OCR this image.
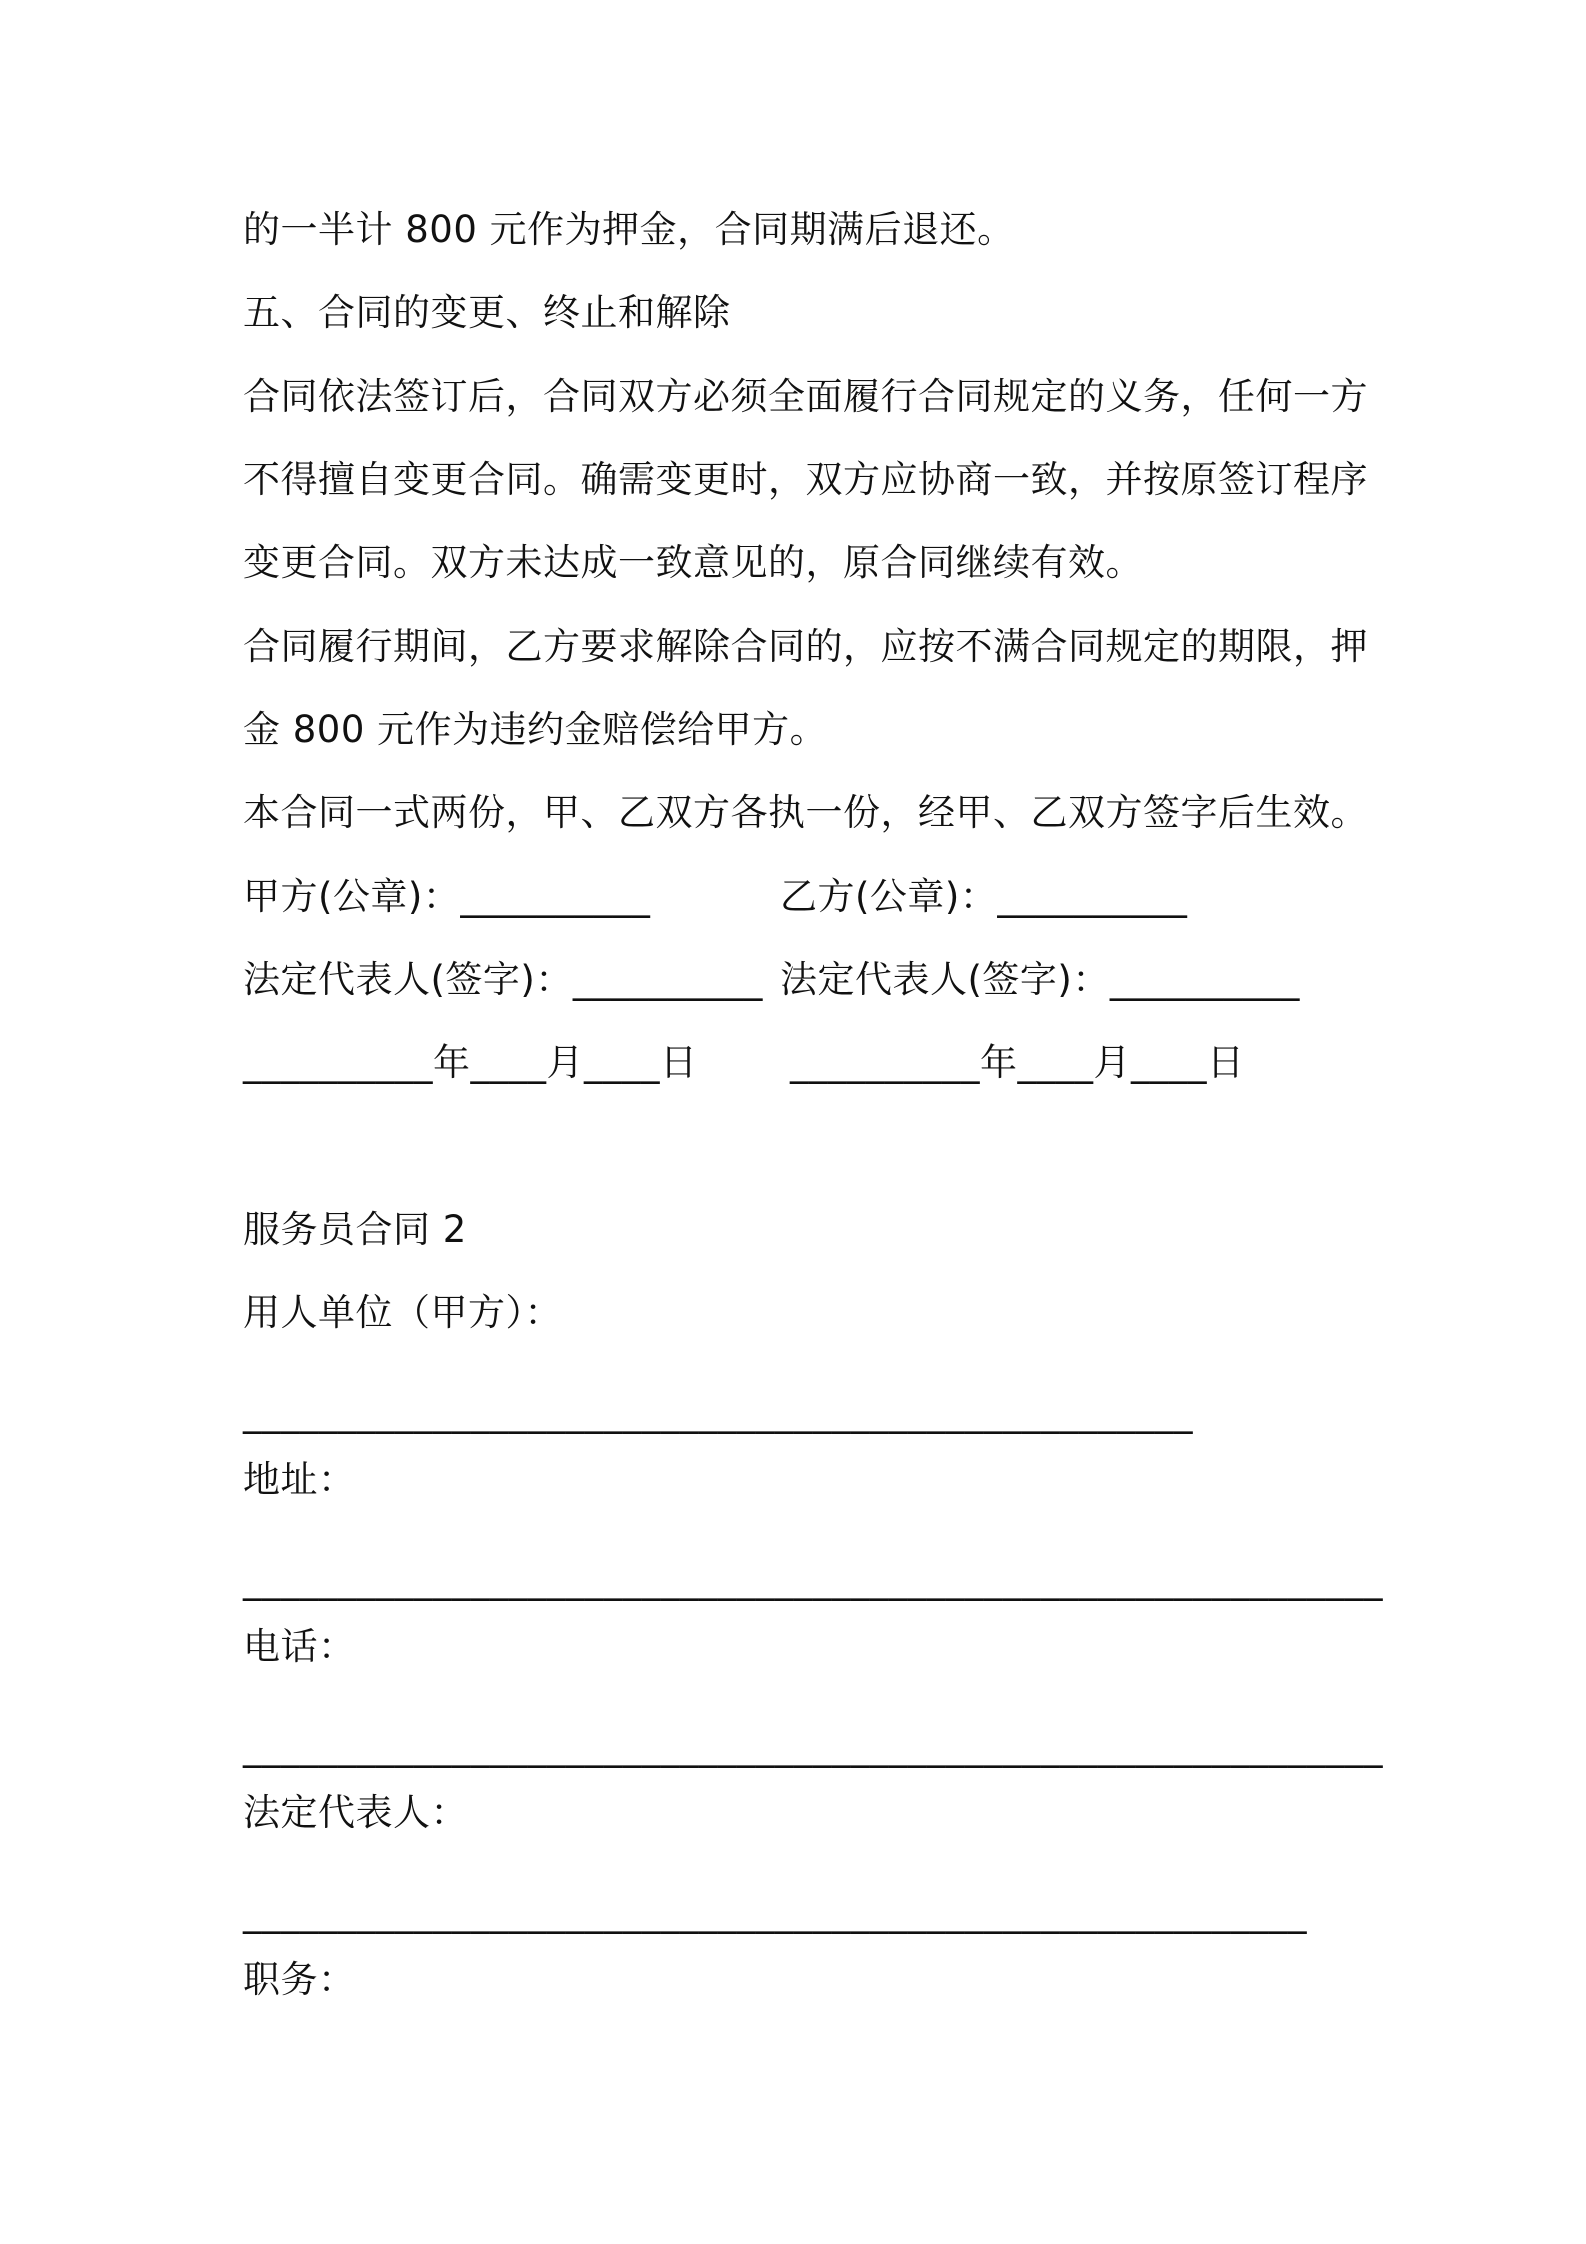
的一半计 800 元作为押金，合同期满后退还。
五、合同的变更、终止和解除
合同依法签订后，合同双方必须全面履行合同规定的义务，任何一方
不得擅自变更合同。确需变更时，双方应协商一致，并按原签订程序
变更合同。双方未达成一致意见的，原合同继续有效。
合同履行期间，乙方要求解除合同的，应按不满合同规定的期限，押
金 800 元作为违约金赔偿给甲方。
本合同一式两份，甲、乙双方各执一份，经甲、乙双方签字后生效。
甲方(公章)：__________	乙方(公章)：__________
法定代表人(签字)：__________ 法定代表人(签字)：__________
__________年____月____日	__________年____月____日
服务员合同 2
用人单位（甲方）：
__________________________________________________
地址：
____________________________________________________________
电话：
____________________________________________________________
法定代表人：
________________________________________________________
职务：
